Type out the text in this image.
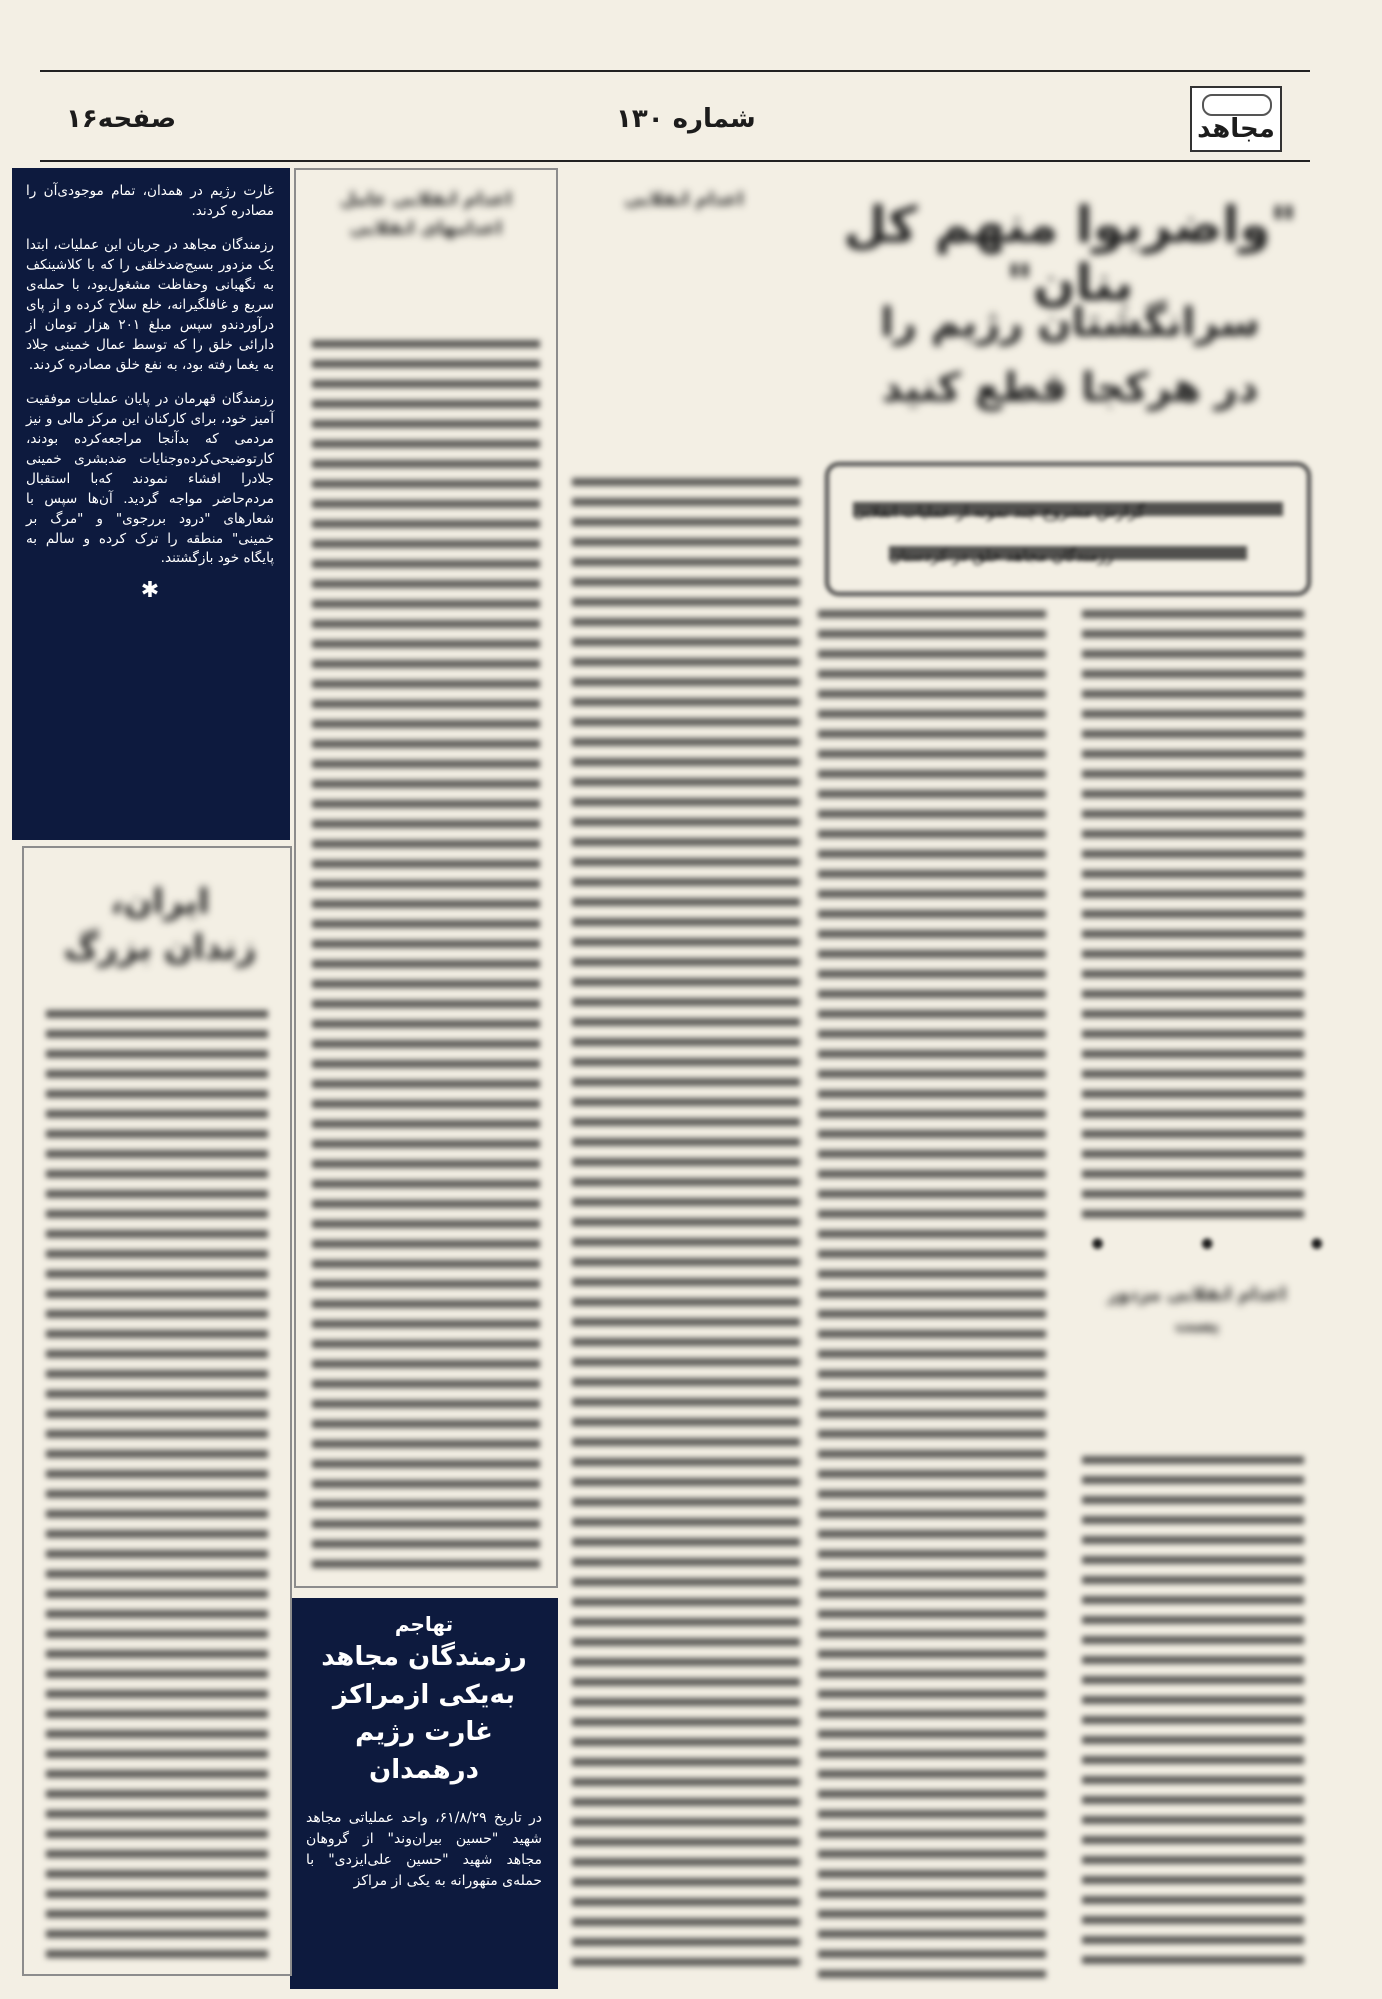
مجاهد
شماره ۱۳۰
صفحه۱۶

غارت رژیم در همدان، تمام موجودی‌آن را مصادره کردند.

رزمندگان مجاهد در جریان این عملیات، ابتدا یک مزدور بسیج‌ضدخلقی را که با کلاشینکف به نگهبانی وحفاظت مشغول‌بود، با حمله‌ی سریع و غافلگیرانه، خلع سلاح کرده و از پای درآوردندو سپس مبلغ ۲۰۱ هزار تومان از دارائی خلق را که توسط عمال خمینی جلاد به یغما رفته بود، به نفع خلق مصادره کردند.

رزمندگان قهرمان در پایان عملیات موفقیت آمیز خود، برای کارکنان این مرکز مالی و نیز مردمی که بدآنجا مراجعه‌کرده بودند، کارتوضیحی‌کرده‌وجنایات ضدبشری خمینی جلادرا افشاء نمودند که‌با استقبال مردم‌حاضر مواجه گردید. آن‌ها سپس با شعارهای "درود بررجوی" و "مرگ بر خمینی" منطقه را ترک کرده و سالم به پایگاه خود بازگشتند.

✱
تهاجم
رزمندگان مجاهد
به‌یکی ازمراکز
غارت رژیم درهمدان
در تاریخ ۶۱/۸/۲۹، واحد عملیاتی مجاهد شهید "حسین بیران‌وند" از گروهان مجاهد شهید "حسین علی‌ایزدی" با حمله‌ی متهورانه به یکی از مراکز
ایران،
زندان بزرگ
اعدام انقلابی عامل اعدامهای انقلابی
اعدام انقلابی	"واضربوا منهم کل بنان"
سرانگشتان رژیم را
در هرکجا قطع کنید
گزارش مشروح چند نمونه از عملیات انقلابی
رزمندگان مجاهد خلق در کردستان
• • •
اعدام انقلابی مزدور پست
